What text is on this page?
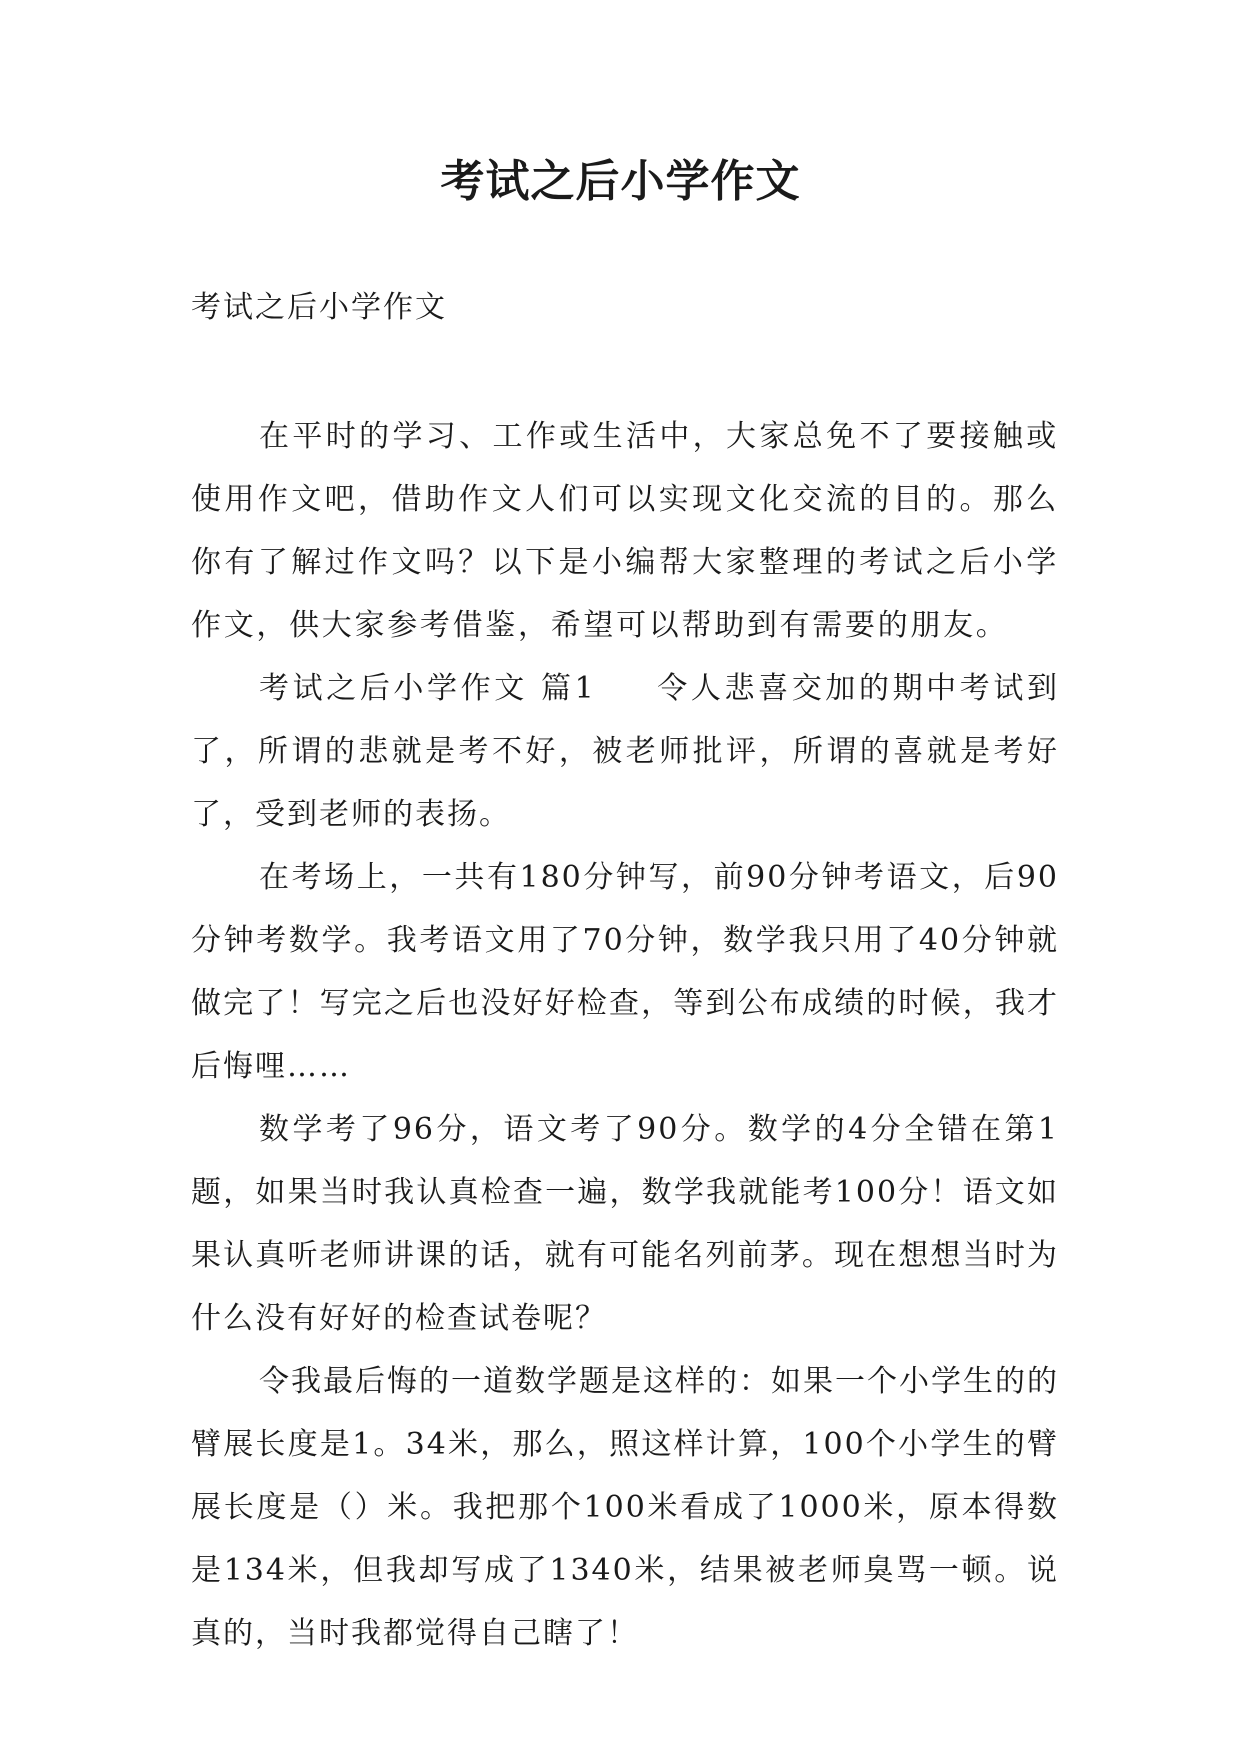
考试之后小学作文

考试之后小学作文

在平时的学习、工作或生活中，大家总免不了要接触或使用作文吧，借助作文人们可以实现文化交流的目的。那么你有了解过作文吗？以下是小编帮大家整理的考试之后小学作文，供大家参考借鉴，希望可以帮助到有需要的朋友。

考试之后小学作文 篇1 令人悲喜交加的期中考试到了，所谓的悲就是考不好，被老师批评，所谓的喜就是考好了，受到老师的表扬。

在考场上，一共有180分钟写，前90分钟考语文，后90分钟考数学。我考语文用了70分钟，数学我只用了40分钟就做完了！写完之后也没好好检查，等到公布成绩的时候，我才后悔哩……

数学考了96分，语文考了90分。数学的4分全错在第1题，如果当时我认真检查一遍，数学我就能考100分！语文如果认真听老师讲课的话，就有可能名列前茅。现在想想当时为什么没有好好的检查试卷呢？

令我最后悔的一道数学题是这样的：如果一个小学生的的臂展长度是1。34米，那么，照这样计算，100个小学生的臂展长度是（）米。我把那个100米看成了1000米，原本得数是134米，但我却写成了1340米，结果被老师臭骂一顿。说真的，当时我都觉得自己瞎了！
